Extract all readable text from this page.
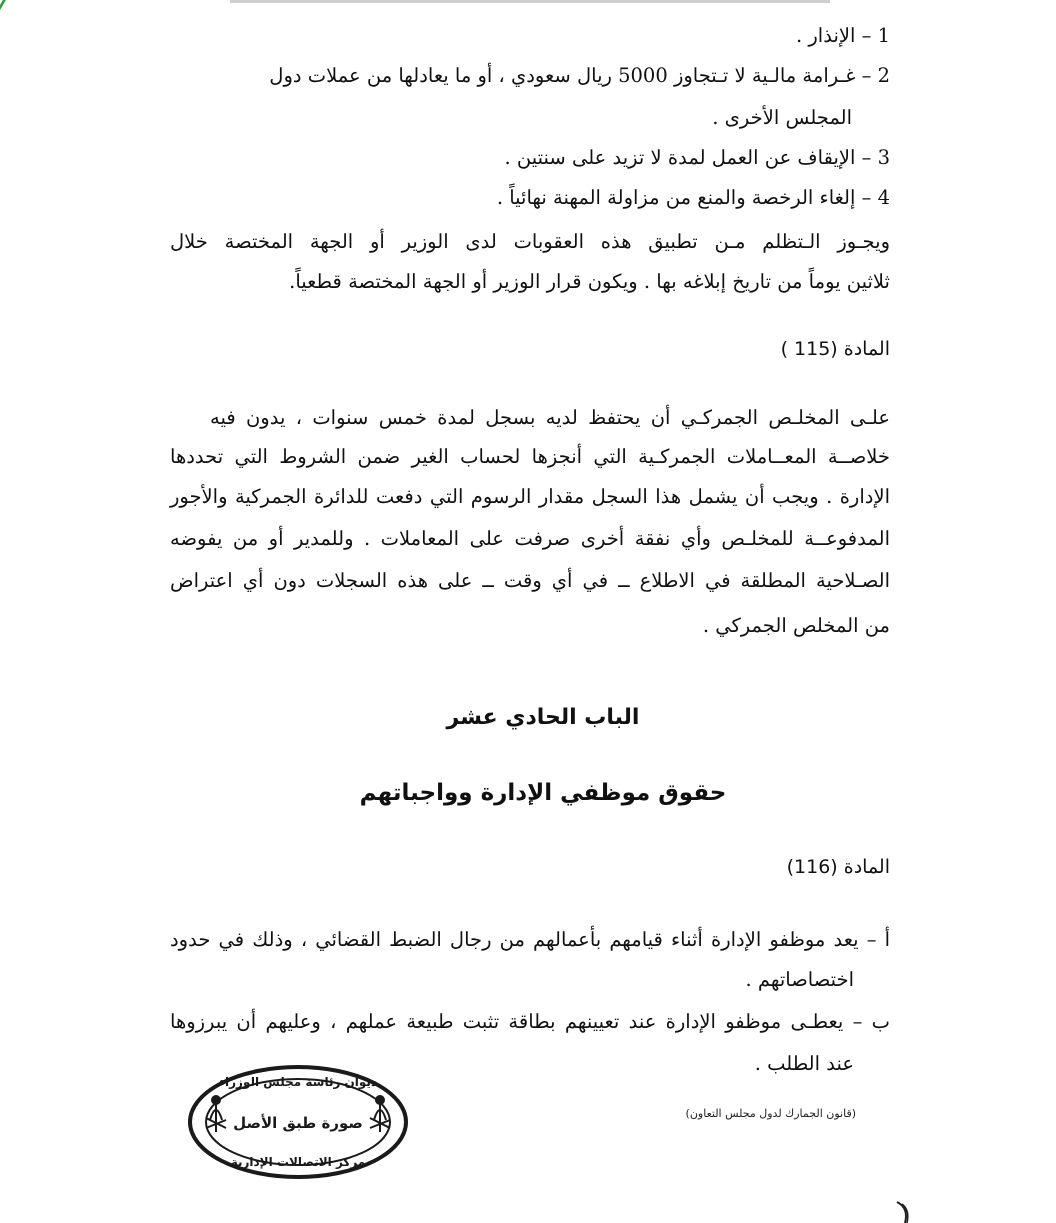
1 – الإنذار .
2 – غـرامة مالـية لا تـتجاوز 5000 ريال سعودي ، أو ما يعادلها من عملات دول
المجلس الأخرى .
3 – الإيقاف عن العمل لمدة لا تزيد على سنتين .
4 – إلغاء الرخصة والمنع من مزاولة المهنة نهائياً .
ويجـوز الـتظلم مـن تطبيق هذه العقوبات لدى الوزير أو الجهة المختصة خلال
ثلاثين يوماً من تاريخ إبلاغه بها . ويكون قرار الوزير أو الجهة المختصة قطعياً.
المادة (115 )
علـى المخلـص الجمركـي أن يحتفظ لديه بسجل لمدة خمس سنوات ، يدون فيه
خلاصــة المعــاملات الجمركـية التي أنجزها لحساب الغير ضمن الشروط التي تحددها
الإدارة . ويجب أن يشمل هذا السجل مقدار الرسوم التي دفعت للدائرة الجمركية والأجور
المدفوعــة للمخلـص وأي نفقة أخرى صرفت على المعاملات . وللمدير أو من يفوضه
الصـلاحية المطلقة في الاطلاع ــ في أي وقت ــ على هذه السجلات دون أي اعتراض
من المخلص الجمركي .
الباب الحادي عشر
حقوق موظفي الإدارة وواجباتهم
المادة (116)
أ – يعد موظفو الإدارة أثناء قيامهم بأعمالهم من رجال الضبط القضائي ، وذلك في حدود
اختصاصاتهم .
ب – يعطـى موظفو الإدارة عند تعيينهم بطاقة تثبت طبيعة عملهم ، وعليهم أن يبرزوها
عند الطلب .
(قانون الجمارك لدول مجلس التعاون)
ديوان رئاسة مجلس الوزراء
صورة طبق الأصل
مركز الاتصالات الإدارية
